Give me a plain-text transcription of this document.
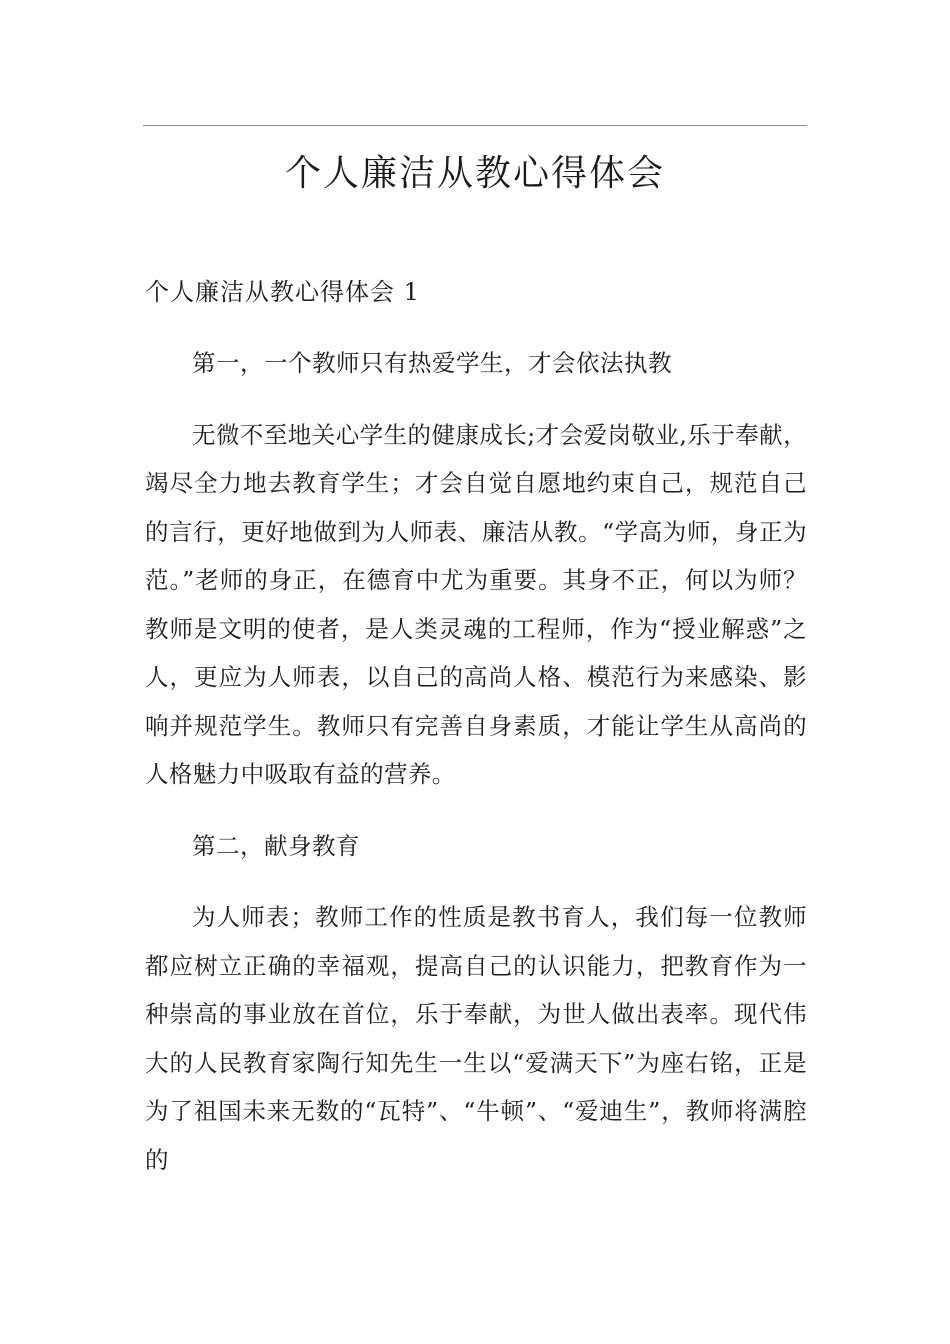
个人廉洁从教心得体会

个人廉洁从教心得体会 1

第一，一个教师只有热爱学生，才会依法执教

无微不至地关心学生的健康成长;才会爱岗敬业,乐于奉献，竭尽全力地去教育学生；才会自觉自愿地约束自己，规范自己的言行，更好地做到为人师表、廉洁从教。“学高为师，身正为范。”老师的身正，在德育中尤为重要。其身不正，何以为师？教师是文明的使者，是人类灵魂的工程师，作为“授业解惑”之人，更应为人师表，以自己的高尚人格、模范行为来感染、影响并规范学生。教师只有完善自身素质，才能让学生从高尚的人格魅力中吸取有益的营养。

第二，献身教育

为人师表；教师工作的性质是教书育人，我们每一位教师都应树立正确的幸福观，提高自己的认识能力，把教育作为一种崇高的事业放在首位，乐于奉献，为世人做出表率。现代伟大的人民教育家陶行知先生一生以“爱满天下”为座右铭，正是为了祖国未来无数的“瓦特”、“牛顿”、“爱迪生”，教师将满腔的
